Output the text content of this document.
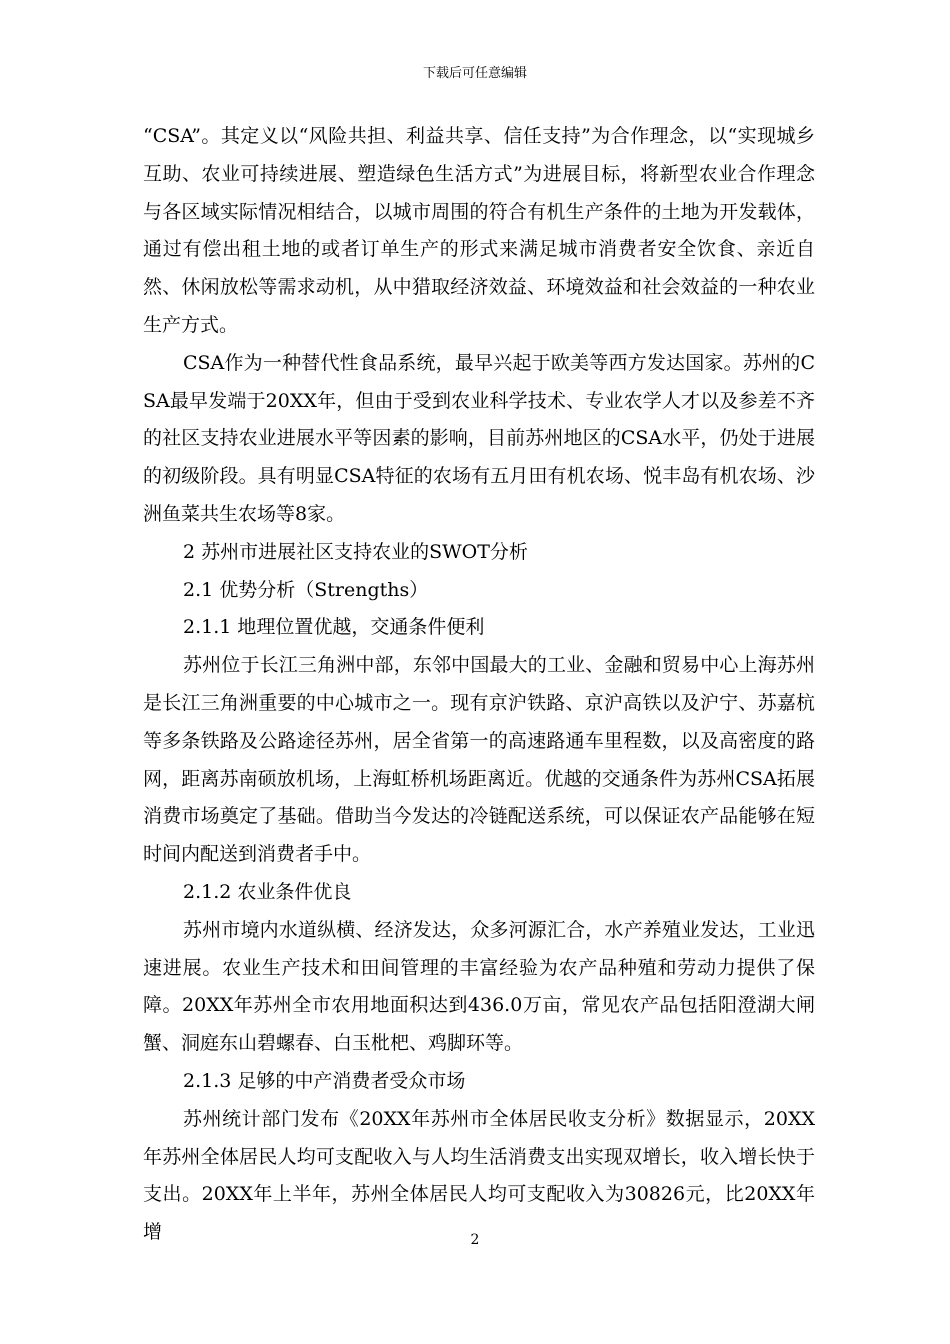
下载后可任意编辑

“CSA”。其定义以“风险共担、利益共享、信任支持”为合作理念，以“实现城乡互助、农业可持续进展、塑造绿色生活方式”为进展目标，将新型农业合作理念与各区域实际情况相结合，以城市周围的符合有机生产条件的土地为开发载体，通过有偿出租土地的或者订单生产的形式来满足城市消费者安全饮食、亲近自然、休闲放松等需求动机，从中猎取经济效益、环境效益和社会效益的一种农业生产方式。

CSA作为一种替代性食品系统，最早兴起于欧美等西方发达国家。苏州的CSA最早发端于20XX年，但由于受到农业科学技术、专业农学人才以及参差不齐的社区支持农业进展水平等因素的影响，目前苏州地区的CSA水平，仍处于进展的初级阶段。具有明显CSA特征的农场有五月田有机农场、悦丰岛有机农场、沙洲鱼菜共生农场等8家。

2 苏州市进展社区支持农业的SWOT分析

2.1 优势分析（Strengths）

2.1.1 地理位置优越，交通条件便利

苏州位于长江三角洲中部，东邻中国最大的工业、金融和贸易中心上海苏州是长江三角洲重要的中心城市之一。现有京沪铁路、京沪高铁以及沪宁、苏嘉杭等多条铁路及公路途径苏州，居全省第一的高速路通车里程数，以及高密度的路网，距离苏南硕放机场，上海虹桥机场距离近。优越的交通条件为苏州CSA拓展消费市场奠定了基础。借助当今发达的冷链配送系统，可以保证农产品能够在短时间内配送到消费者手中。

2.1.2 农业条件优良

苏州市境内水道纵横、经济发达，众多河源汇合，水产养殖业发达，工业迅速进展。农业生产技术和田间管理的丰富经验为农产品种殖和劳动力提供了保障。20XX年苏州全市农用地面积达到436.0万亩，常见农产品包括阳澄湖大闸蟹、洞庭东山碧螺春、白玉枇杷、鸡脚环等。

2.1.3 足够的中产消费者受众市场

苏州统计部门发布《20XX年苏州市全体居民收支分析》数据显示，20XX年苏州全体居民人均可支配收入与人均生活消费支出实现双增长，收入增长快于支出。20XX年上半年，苏州全体居民人均可支配收入为30826元，比20XX年增	2
